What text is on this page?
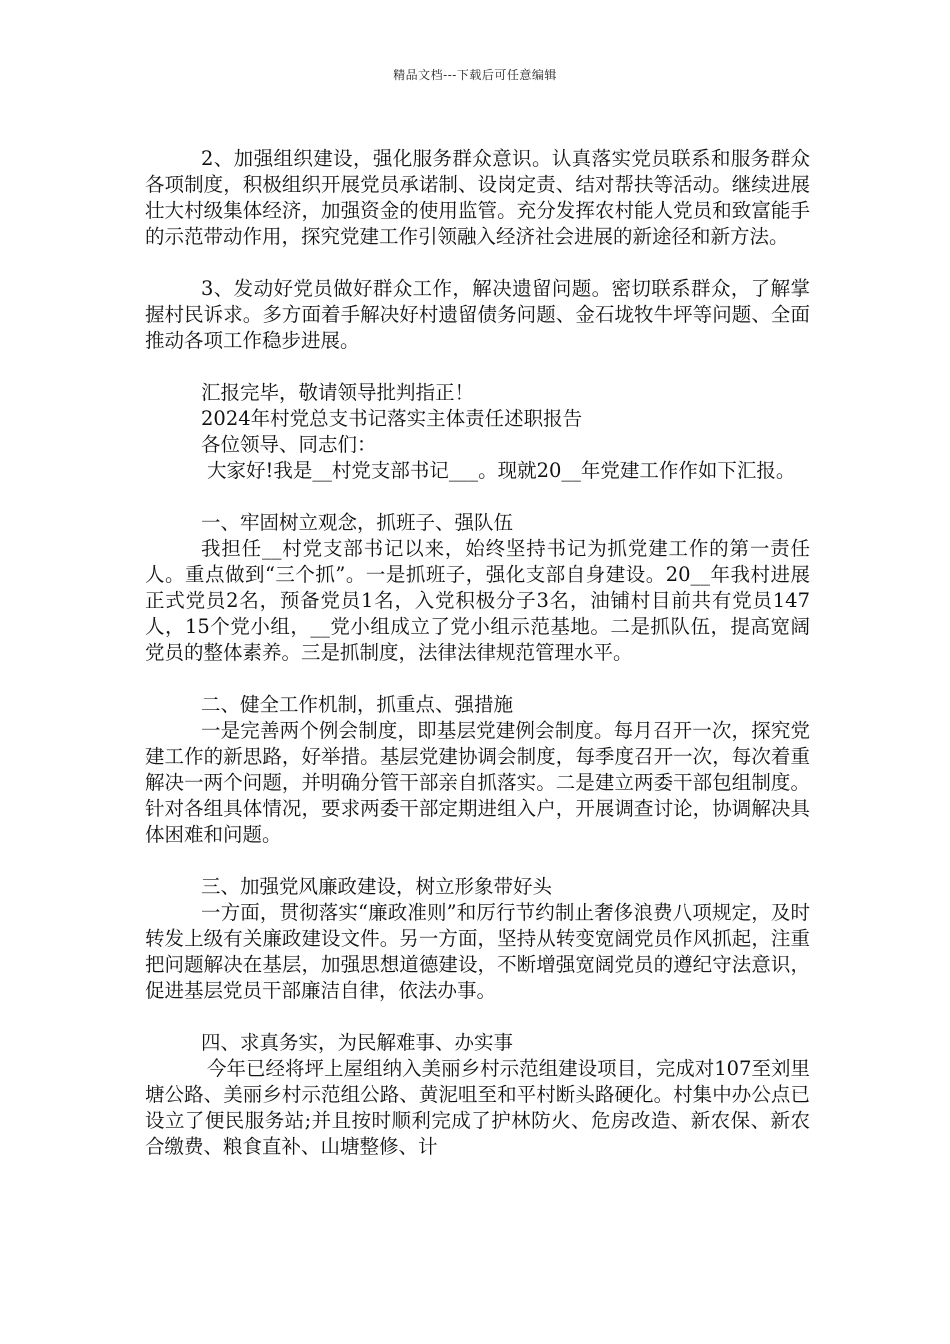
精品文档---下载后可任意编辑

2、加强组织建设，强化服务群众意识。认真落实党员联系和服务群众各项制度，积极组织开展党员承诺制、设岗定责、结对帮扶等活动。继续进展壮大村级集体经济，加强资金的使用监管。充分发挥农村能人党员和致富能手的示范带动作用，探究党建工作引领融入经济社会进展的新途径和新方法。

3、发动好党员做好群众工作，解决遗留问题。密切联系群众，了解掌握村民诉求。多方面着手解决好村遗留债务问题、金石垅牧牛坪等问题、全面推动各项工作稳步进展。

汇报完毕，敬请领导批判指正！

2024年村党总支书记落实主体责任述职报告

各位领导、同志们：

大家好!我是__村党支部书记___。现就20__年党建工作作如下汇报。

一、牢固树立观念，抓班子、强队伍

我担任__村党支部书记以来，始终坚持书记为抓党建工作的第一责任人。重点做到“三个抓”。一是抓班子，强化支部自身建设。20__年我村进展正式党员2名，预备党员1名，入党积极分子3名，油铺村目前共有党员147人，15个党小组，__党小组成立了党小组示范基地。二是抓队伍，提高宽阔党员的整体素养。三是抓制度，法律法律规范管理水平。

二、健全工作机制，抓重点、强措施

一是完善两个例会制度，即基层党建例会制度。每月召开一次，探究党建工作的新思路，好举措。基层党建协调会制度，每季度召开一次，每次着重解决一两个问题，并明确分管干部亲自抓落实。二是建立两委干部包组制度。针对各组具体情况，要求两委干部定期进组入户，开展调查讨论，协调解决具体困难和问题。

三、加强党风廉政建设，树立形象带好头

一方面，贯彻落实“廉政准则”和厉行节约制止奢侈浪费八项规定，及时转发上级有关廉政建设文件。另一方面，坚持从转变宽阔党员作风抓起，注重把问题解决在基层，加强思想道德建设，不断增强宽阔党员的遵纪守法意识，促进基层党员干部廉洁自律，依法办事。

四、求真务实，为民解难事、办实事

今年已经将坪上屋组纳入美丽乡村示范组建设项目，完成对107至刘里塘公路、美丽乡村示范组公路、黄泥咀至和平村断头路硬化。村集中办公点已设立了便民服务站;并且按时顺利完成了护林防火、危房改造、新农保、新农合缴费、粮食直补、山塘整修、计
